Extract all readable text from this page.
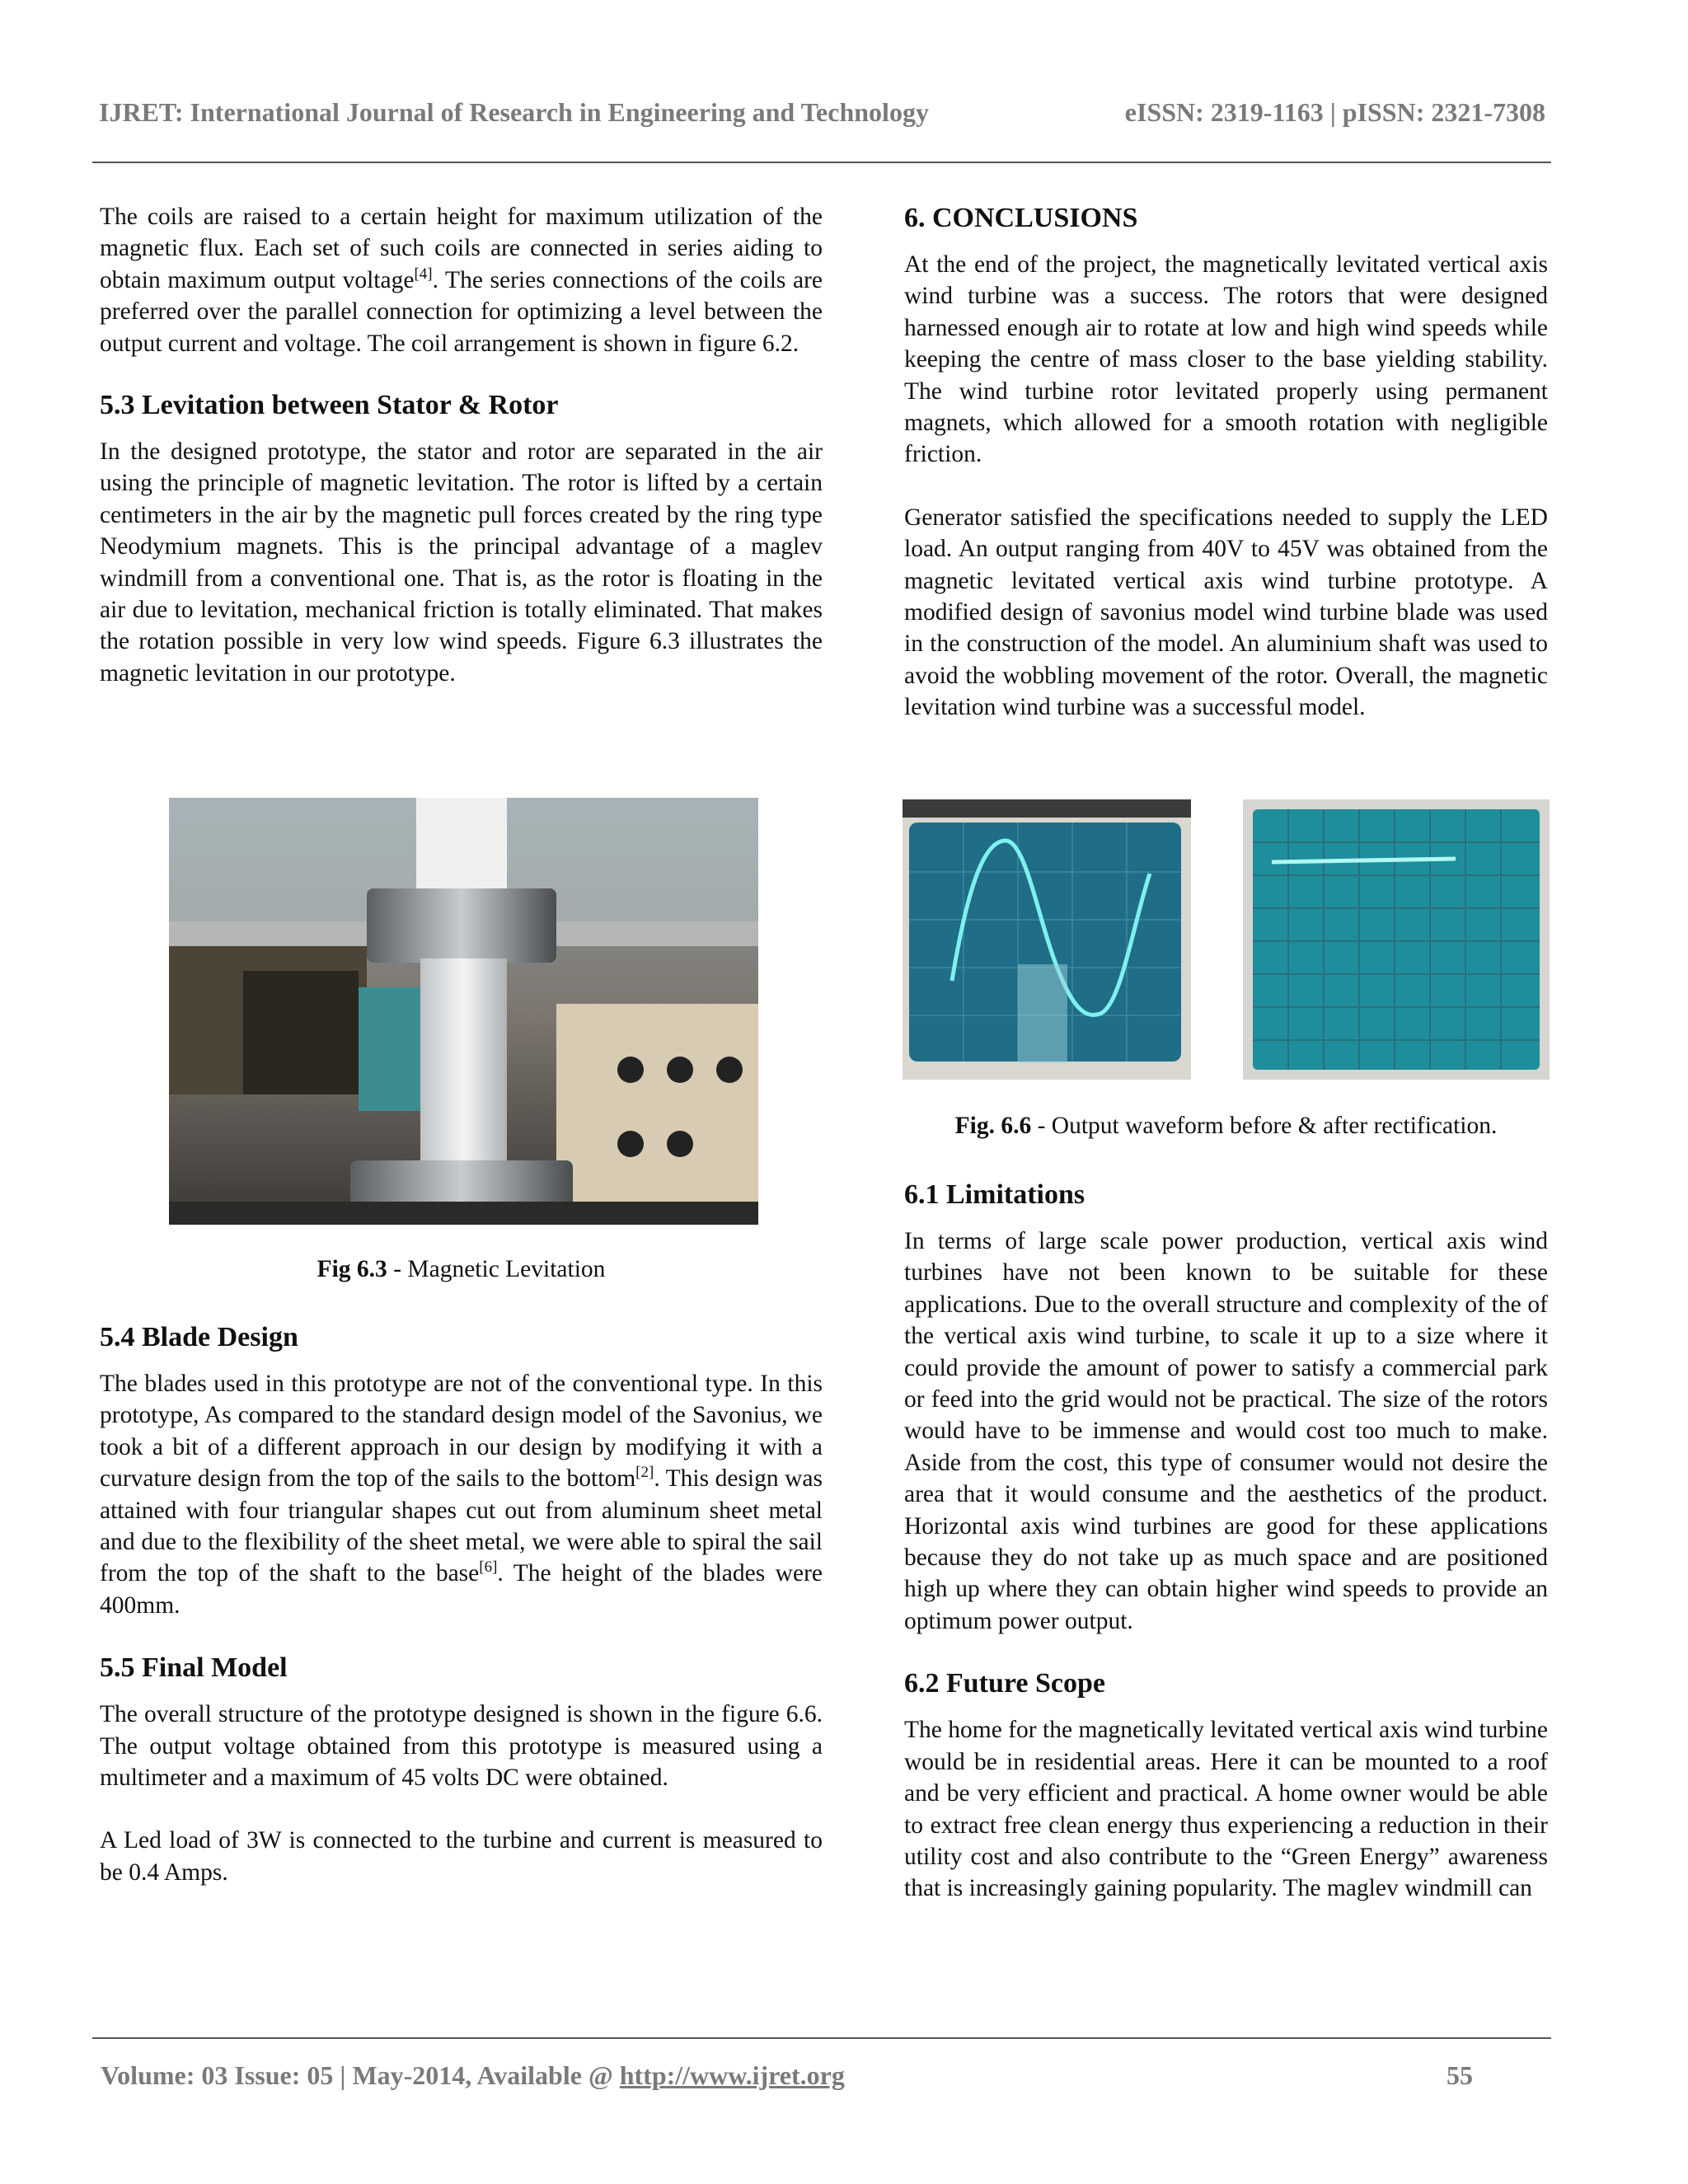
IJRET: International Journal of Research in Engineering and Technology	eISSN: 2319-1163 | pISSN: 2321-7308

The coils are raised to a certain height for maximum utilization of the magnetic flux. Each set of such coils are connected in series aiding to obtain maximum output voltage[4]. The series connections of the coils are preferred over the parallel connection for optimizing a level between the output current and voltage. The coil arrangement is shown in figure 6.2.

5.3 Levitation between Stator & Rotor

In the designed prototype, the stator and rotor are separated in the air using the principle of magnetic levitation. The rotor is lifted by a certain centimeters in the air by the magnetic pull forces created by the ring type Neodymium magnets. This is the principal advantage of a maglev windmill from a conventional one. That is, as the rotor is floating in the air due to levitation, mechanical friction is totally eliminated. That makes the rotation possible in very low wind speeds. Figure 6.3 illustrates the magnetic levitation in our prototype.

Fig 6.3 - Magnetic Levitation
5.4 Blade Design

The blades used in this prototype are not of the conventional type. In this prototype, As compared to the standard design model of the Savonius, we took a bit of a different approach in our design by modifying it with a curvature design from the top of the sails to the bottom[2]. This design was attained with four triangular shapes cut out from aluminum sheet metal and due to the flexibility of the sheet metal, we were able to spiral the sail from the top of the shaft to the base[6]. The height of the blades were 400mm.

5.5 Final Model

The overall structure of the prototype designed is shown in the figure 6.6. The output voltage obtained from this prototype is measured using a multimeter and a maximum of 45 volts DC were obtained.

A Led load of 3W is connected to the turbine and current is measured to be 0.4 Amps.

6. CONCLUSIONS

At the end of the project, the magnetically levitated vertical axis wind turbine was a success. The rotors that were designed harnessed enough air to rotate at low and high wind speeds while keeping the centre of mass closer to the base yielding stability. The wind turbine rotor levitated properly using permanent magnets, which allowed for a smooth rotation with negligible friction.

Generator satisfied the specifications needed to supply the LED load. An output ranging from 40V to 45V was obtained from the magnetic levitated vertical axis wind turbine prototype. A modified design of savonius model wind turbine blade was used in the construction of the model. An aluminium shaft was used to avoid the wobbling movement of the rotor. Overall, the magnetic levitation wind turbine was a successful model.

Fig. 6.6 - Output waveform before & after rectification.
6.1 Limitations

In terms of large scale power production, vertical axis wind turbines have not been known to be suitable for these applications. Due to the overall structure and complexity of the of the vertical axis wind turbine, to scale it up to a size where it could provide the amount of power to satisfy a commercial park or feed into the grid would not be practical. The size of the rotors would have to be immense and would cost too much to make. Aside from the cost, this type of consumer would not desire the area that it would consume and the aesthetics of the product. Horizontal axis wind turbines are good for these applications because they do not take up as much space and are positioned high up where they can obtain higher wind speeds to provide an optimum power output.

6.2 Future Scope

The home for the magnetically levitated vertical axis wind turbine would be in residential areas. Here it can be mounted to a roof and be very efficient and practical. A home owner would be able to extract free clean energy thus experiencing a reduction in their utility cost and also contribute to the “Green Energy” awareness that is increasingly gaining popularity. The maglev windmill can

Volume: 03 Issue: 05 | May-2014, Available @ http://www.ijret.org	55
